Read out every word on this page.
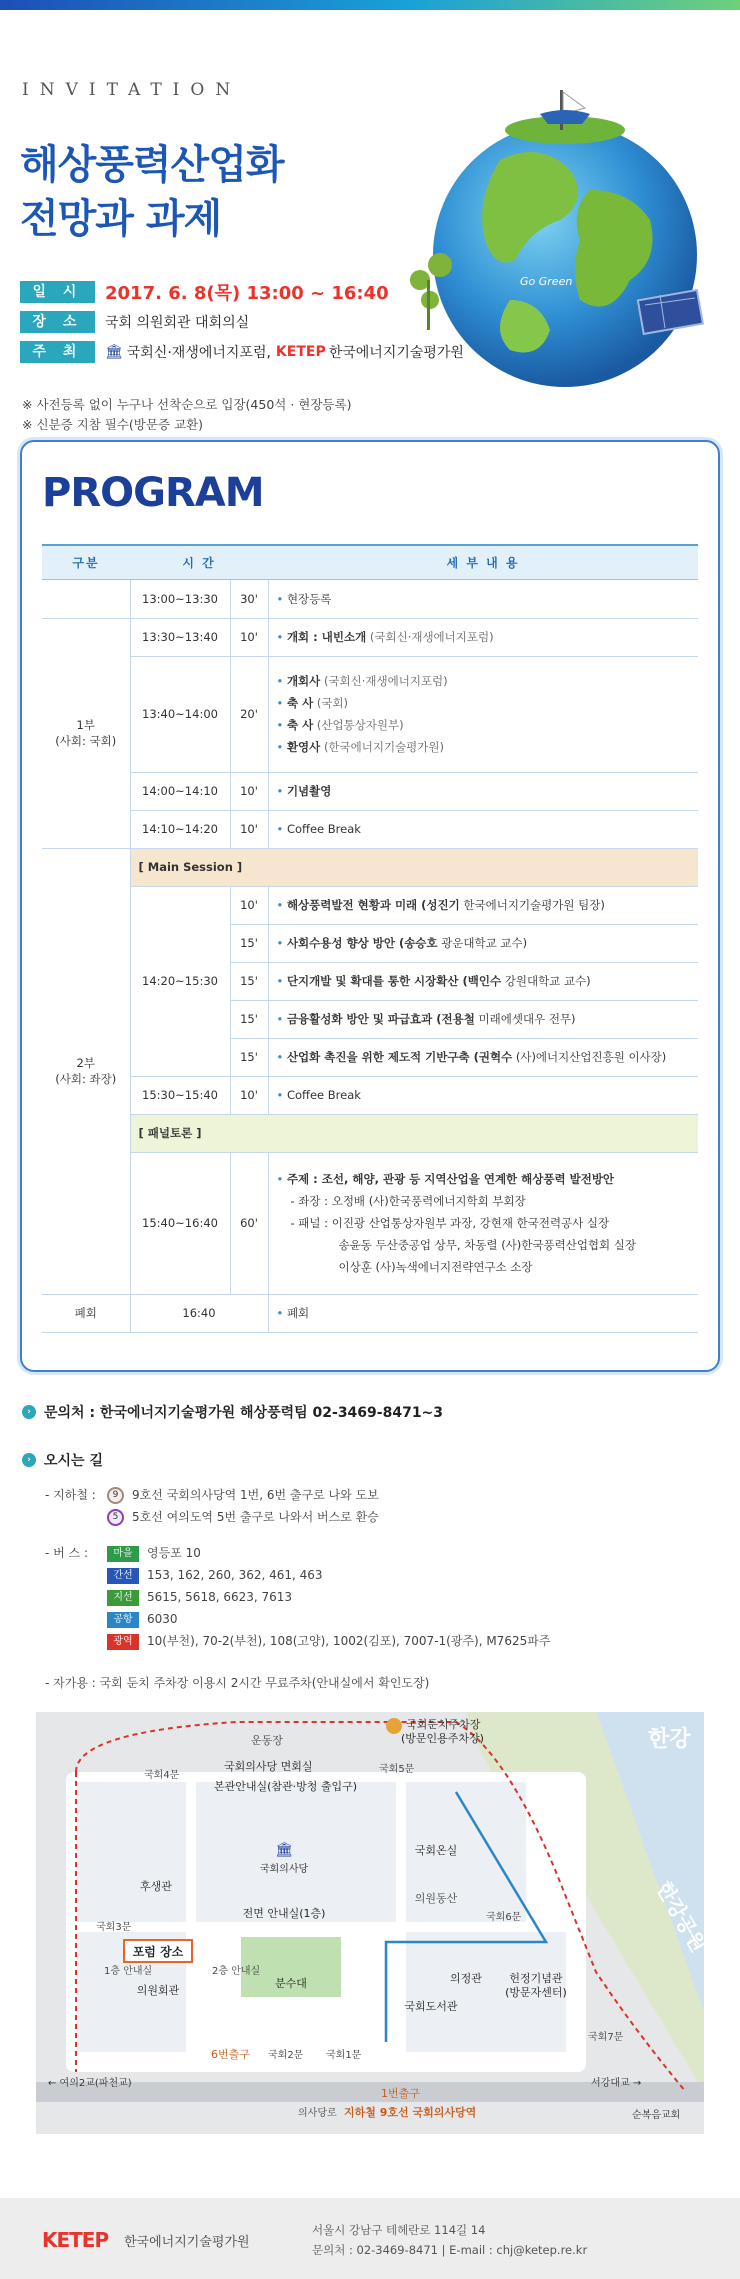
INVITATION
해상풍력산업화
전망과 과제
Go Green
일 시	2017. 6. 8(목) 13:00 ~ 16:40
장 소	국회 의원회관 대회의실
주 최	🏛 국회신·재생에너지포럼, KETEP 한국에너지기술평가원
※ 사전등록 없이 누구나 선착순으로 입장(450석 · 현장등록)
※ 신분증 지참 필수(방문증 교환)
PROGRAM
구분	시 간		세 부 내 용
	13:00~13:30	30'	• 현장등록

1부
(사회: 국회)	13:30~13:40	10'	•개회 : 내빈소개 (국회신·재생에너지포럼)
	13:40~14:00	20'	
• 개회사 (국회신·재생에너지포럼)
• 축 사 (국회)
• 축 사 (산업통상자원부)
• 환영사 (한국에너지기술평가원)

	14:00~14:10	10'	•기념촬영
	14:10~14:20	10'	• Coffee Break

2부
(사회: 좌장)	[ Main Session ]		
	14:20~15:30	10'	•해상풍력발전 현황과 미래 (성진기 한국에너지기술평가원 팀장)
		15'	•사회수용성 향상 방안 (송승호 광운대학교 교수)
		15'	•단지개발 및 확대를 통한 시장확산 (백인수 강원대학교 교수)
		15'	•금융활성화 방안 및 파급효과 (전용철 미래에셋대우 전무)
		15'	•산업화 촉진을 위한 제도적 기반구축 (권혁수 (사)에너지산업진흥원 이사장)
	15:30~15:40	10'	• Coffee Break
	[ 패널토론 ]		
	15:40~16:40	60'	
• 주제 : 조선, 해양, 관광 등 지역산업을 연계한 해상풍력 발전방안
- 좌장 : 오정배 (사)한국풍력에너지학회 부회장
- 패널 : 이진광 산업통상자원부 과장, 강현재 한국전력공사 실장
송윤동 두산중공업 상무, 차동렬 (사)한국풍력산업협회 실장
이상훈 (사)녹색에너지전략연구소 소장

폐회	16:40		• 폐회
› 문의처 : 한국에너지기술평가원 해상풍력팀 02-3469-8471~3
› 오시는 길
- 지하철 : 9 9호선 국회의사당역 1번, 6번 출구로 나와 도보
5 5호선 여의도역 5번 출구로 나와서 버스로 환승
- 버 스 :	마을 영등포 10
간선 153, 162, 260, 362, 461, 463
지선 5615, 5618, 6623, 7613
공항 6030
광역 10(부천), 70-2(부천), 108(고양), 1002(김포), 7007-1(광주), M7625파주
- 자가용 : 국회 둔치 주차장 이용시 2시간 무료주차(안내실에서 확인도장)
한강
한강공원
국회둔치주차장
(방문인용주차장)
운동장
국회의사당 면회실
본관안내실(참관·방청 출입구)
국회4문
국회5문
국회3문
국회6문
국회7문
국회2문 국회1문
🏛
국회의사당
전면 안내실(1층)
후생관
국회온실
의원동산
포럼 장소
1층 안내실	2층 안내실
의원회관
분수대
국회도서관
의정관 헌정기념관
(방문자센터)
6번출구
1번출구
← 여의2교(파천교)	서강대교 →
의사당로 지하철 9호선 국회의사당역	순복음교회
KETEP 한국에너지기술평가원
서울시 강남구 테헤란로 114길 14
문의처 : 02-3469-8471 | E-mail : chj@ketep.re.kr
